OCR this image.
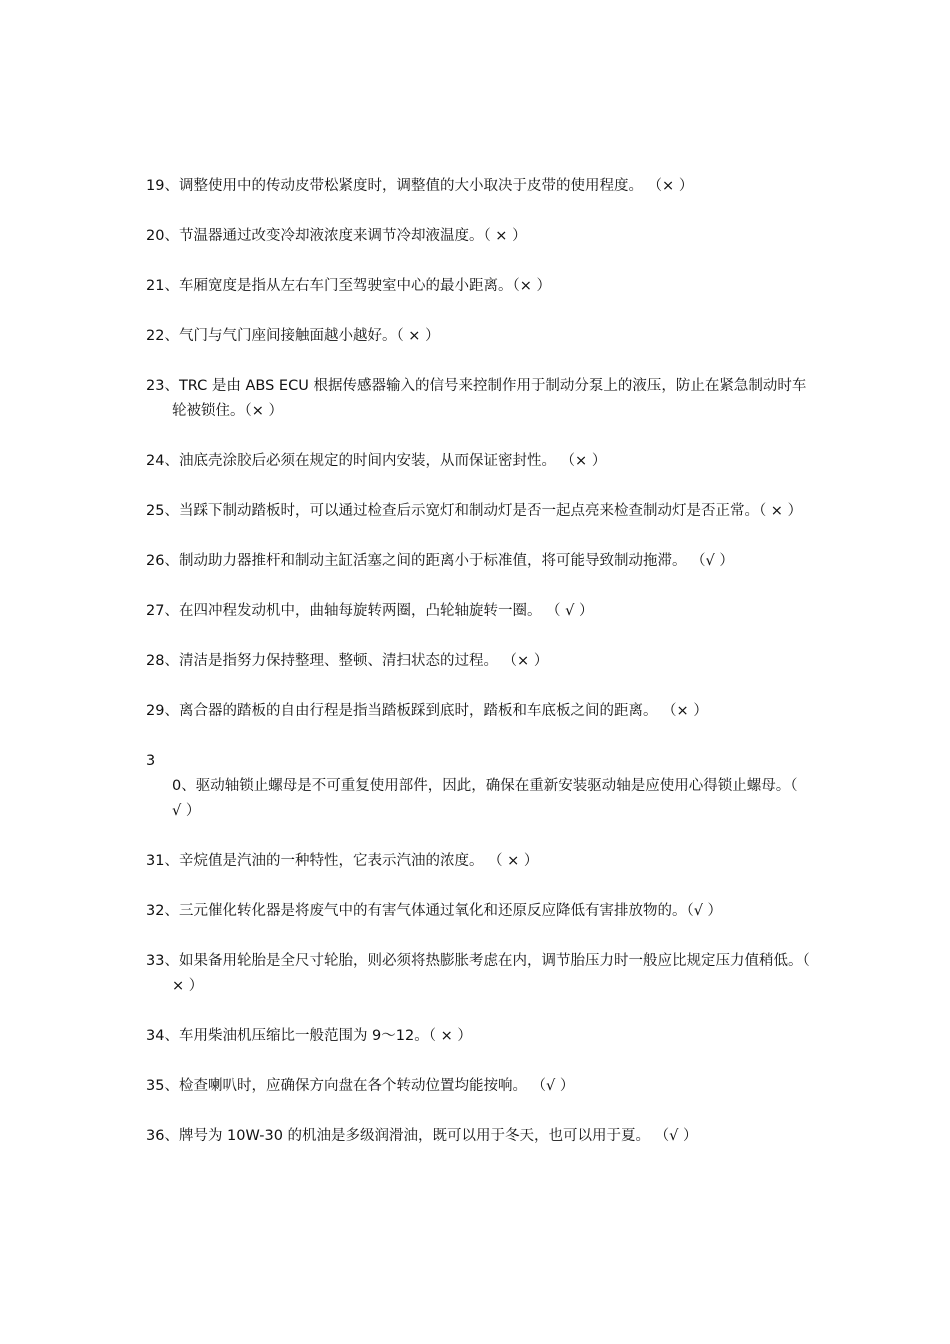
19、调整使用中的传动皮带松紧度时，调整值的大小取决于皮带的使用程度。 （× ）
20、节温器通过改变冷却液浓度来调节冷却液温度。（ × ）
21、车厢宽度是指从左右车门至驾驶室中心的最小距离。（× ）
22、气门与气门座间接触面越小越好。（ × ）
23、TRC 是由 ABS ECU 根据传感器输入的信号来控制作用于制动分泵上的液压，防止在紧急制动时车轮被锁住。（× ）
24、油底壳涂胶后必须在规定的时间内安装，从而保证密封性。 （× ）
25、当踩下制动踏板时，可以通过检查后示宽灯和制动灯是否一起点亮来检查制动灯是否正常。（ × ）
26、制动助力器推杆和制动主缸活塞之间的距离小于标准值，将可能导致制动拖滞。 （√ ）
27、在四冲程发动机中，曲轴每旋转两圈，凸轮轴旋转一圈。 （ √ ）
28、清洁是指努力保持整理、整顿、清扫状态的过程。 （× ）
29、离合器的踏板的自由行程是指当踏板踩到底时，踏板和车底板之间的距离。 （× ）
30、驱动轴锁止螺母是不可重复使用部件，因此，确保在重新安装驱动轴是应使用心得锁止螺母。（ √ ）
31、辛烷值是汽油的一种特性，它表示汽油的浓度。 （ × ）
32、三元催化转化器是将废气中的有害气体通过氧化和还原反应降低有害排放物的。（√ ）
33、如果备用轮胎是全尺寸轮胎，则必须将热膨胀考虑在内，调节胎压力时一般应比规定压力值稍低。（ × ）
34、车用柴油机压缩比一般范围为 9～12。（ × ）
35、检查喇叭时，应确保方向盘在各个转动位置均能按响。 （√ ）
36、牌号为 10W-30 的机油是多级润滑油，既可以用于冬天，也可以用于夏。 （√ ）
